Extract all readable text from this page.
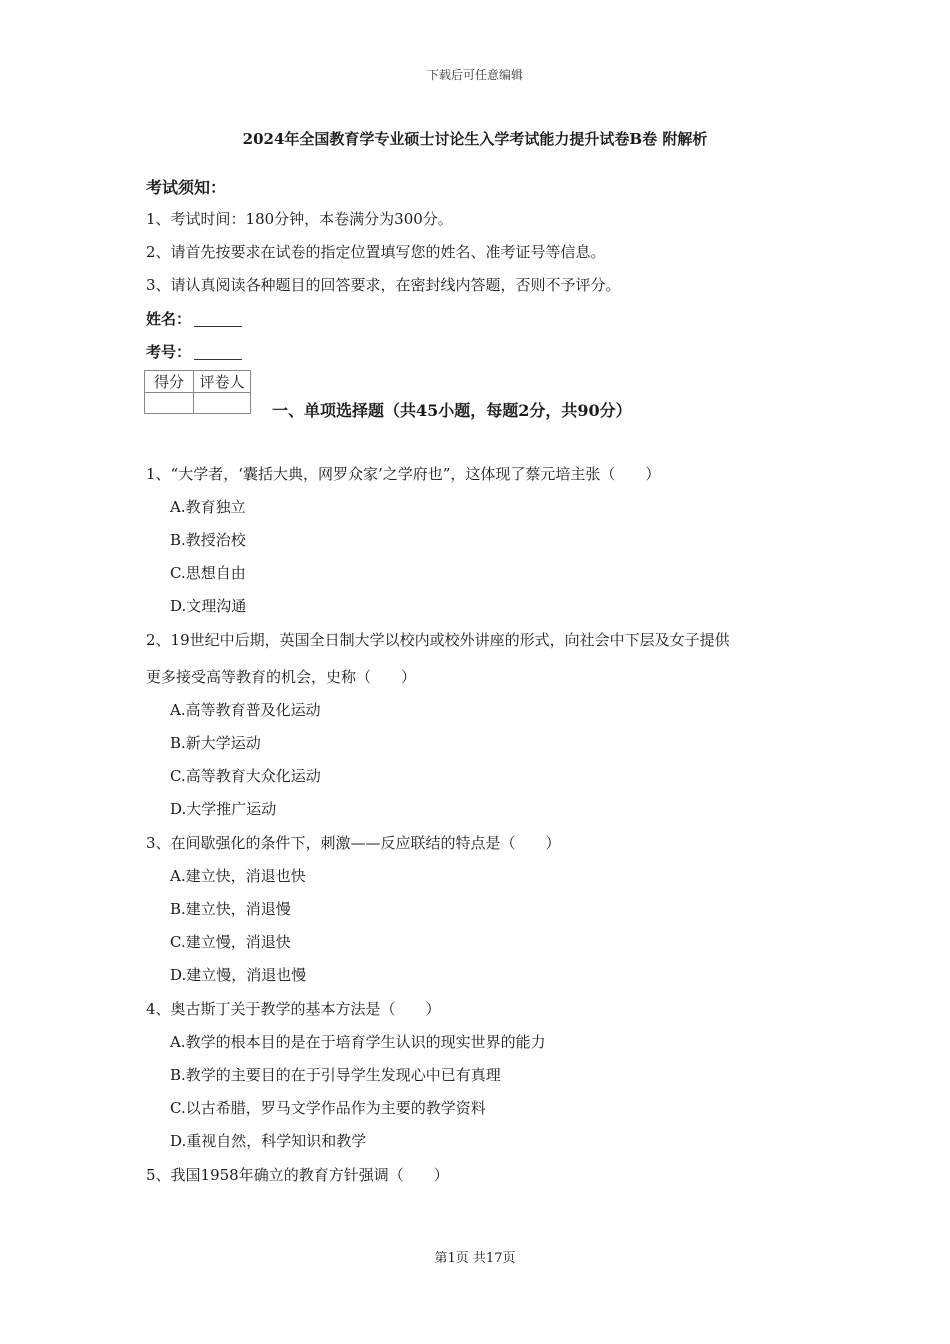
下载后可任意编辑
2024年全国教育学专业硕士讨论生入学考试能力提升试卷B卷 附解析
考试须知：
1、考试时间：180分钟，本卷满分为300分。
2、请首先按要求在试卷的指定位置填写您的姓名、准考证号等信息。
3、请认真阅读各种题目的回答要求，在密封线内答题，否则不予评分。
姓名：
考号：
得分	评卷人

一、单项选择题（共45小题，每题2分，共90分）
1、“大学者，‘囊括大典，网罗众家’之学府也”，这体现了蔡元培主张（　　）
A.教育独立
B.教授治校
C.思想自由
D.文理沟通
2、19世纪中后期，英国全日制大学以校内或校外讲座的形式，向社会中下层及女子提供
更多接受高等教育的机会，史称（　　）
A.高等教育普及化运动
B.新大学运动
C.高等教育大众化运动
D.大学推广运动
3、在间歇强化的条件下，刺激——反应联结的特点是（　　）
A.建立快，消退也快
B.建立快，消退慢
C.建立慢，消退快
D.建立慢，消退也慢
4、奥古斯丁关于教学的基本方法是（　　）
A.教学的根本目的是在于培育学生认识的现实世界的能力
B.教学的主要目的在于引导学生发现心中已有真理
C.以古希腊，罗马文学作品作为主要的教学资料
D.重视自然，科学知识和教学
5、我国1958年确立的教育方针强调（　　）
第1页 共17页
